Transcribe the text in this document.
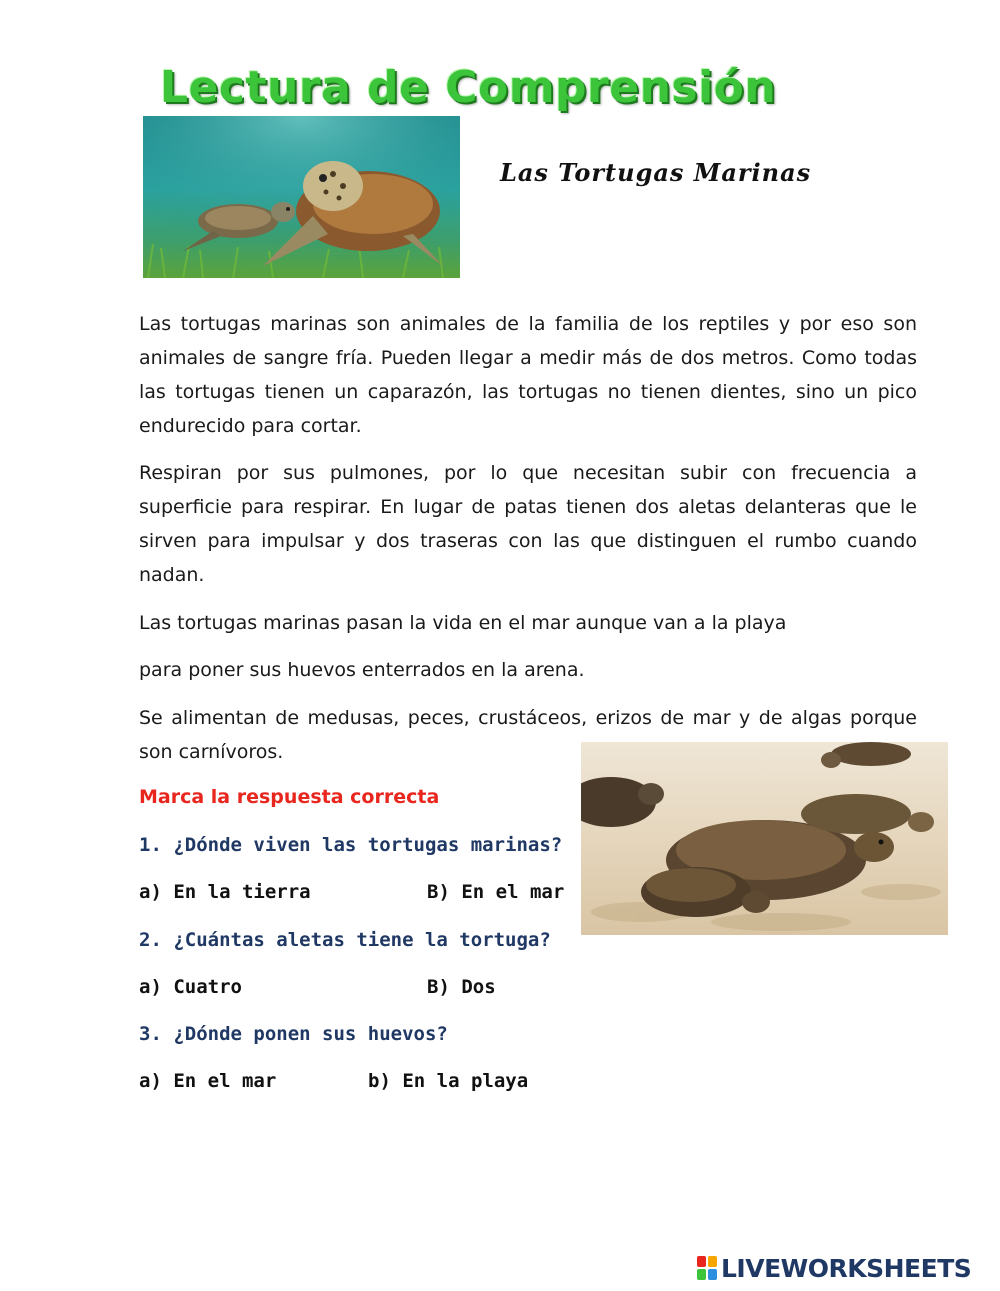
Lectura de Comprensión
Las Tortugas Marinas

Las tortugas marinas son animales de la familia de los reptiles y por eso son animales de sangre fría. Pueden llegar a medir más de dos metros. Como todas las tortugas tienen un caparazón, las tortugas no tienen dientes, sino un pico endurecido para cortar.

Respiran por sus pulmones, por lo que necesitan subir con frecuencia a superficie para respirar. En lugar de patas tienen dos aletas delanteras que le sirven para impulsar y dos traseras con las que distinguen el rumbo cuando nadan.

Las tortugas marinas pasan la vida en el mar aunque van a la playa

para poner sus huevos enterrados en la arena.

Se alimentan de medusas, peces, crustáceos, erizos de mar y de algas porque son carnívoros.

Marca la respuesta correcta

1. ¿Dónde viven las tortugas marinas?

a) En la tierra	B) En el mar

2. ¿Cuántas aletas tiene la tortuga?

a) Cuatro	B) Dos

3. ¿Dónde ponen sus huevos?

a) En el mar	b) En la playa

LIVEWORKSHEETS
